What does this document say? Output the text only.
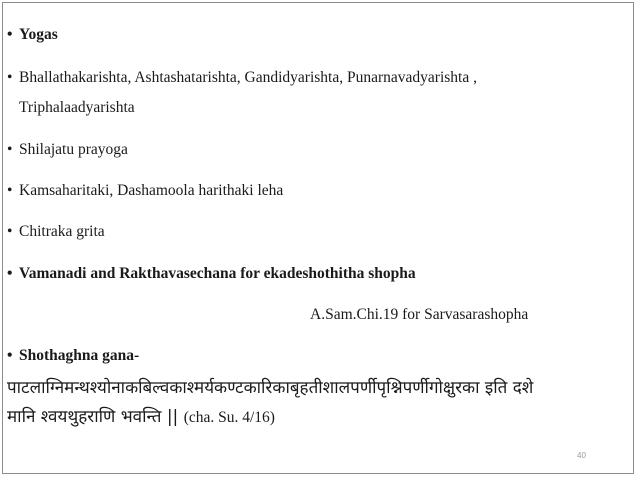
• Yogas
• Bhallathakarishta, Ashtashatarishta, Gandidyarishta, Punarnavadyarishta ,
Triphalaadyarishta
• Shilajatu prayoga
• Kamsaharitaki, Dashamoola harithaki leha
• Chitraka grita
• Vamanadi and Rakthavasechana for ekadeshothitha shopha
A.Sam.Chi.19 for Sarvasarashopha
• Shothaghna gana-
पाटलाग्निमन्थश्योनाकबिल्वकाश्मर्यकण्टकारिकाबृहतीशालपर्णीपृश्निपर्णीगोक्षुरका इति दशे
मानि श्वयथुहराणि भवन्ति || (cha. Su. 4/16)
40
